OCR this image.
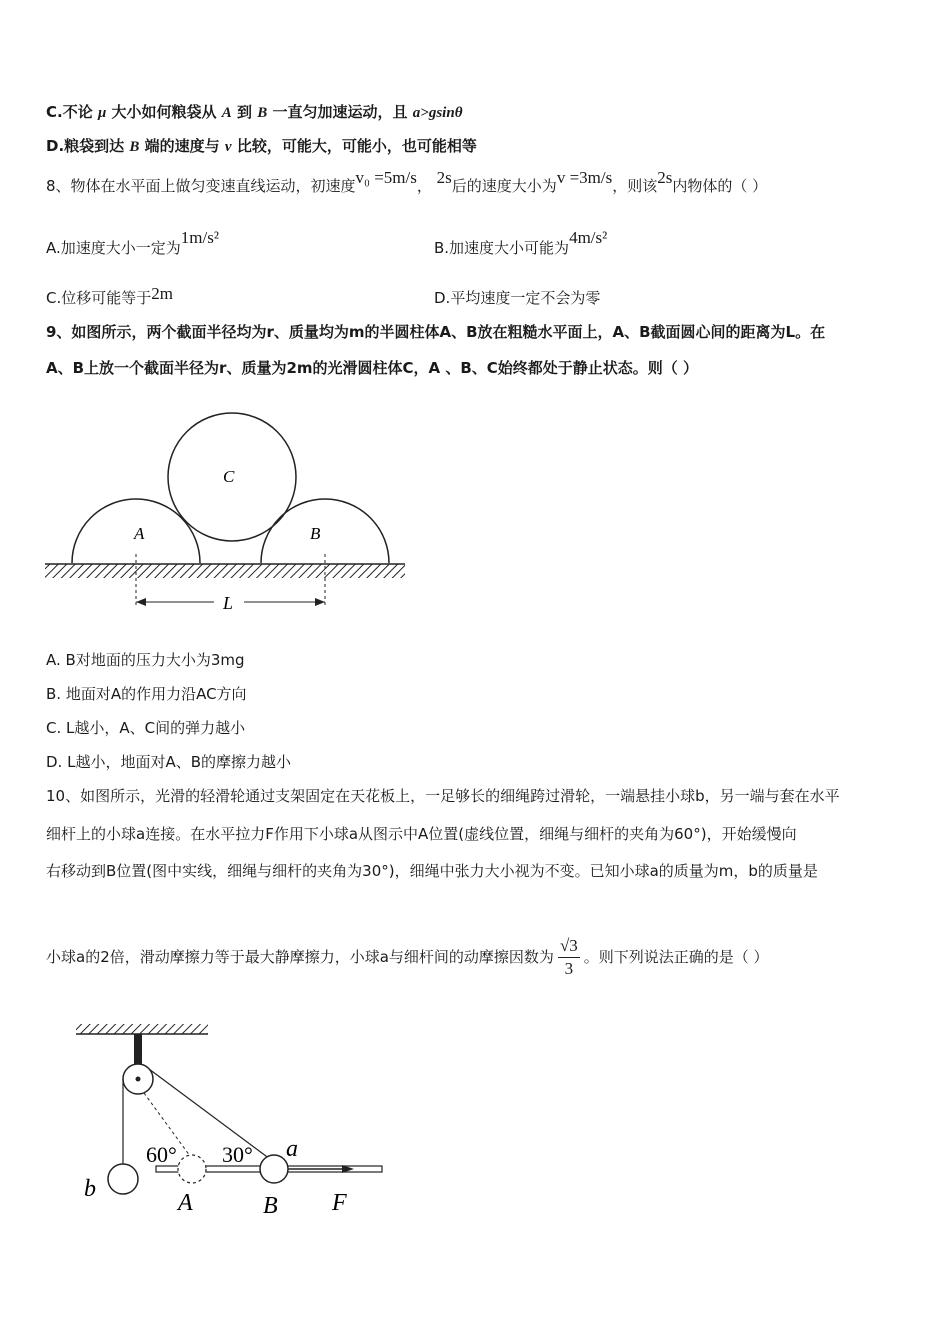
C.不论 μ 大小如何粮袋从 A 到 B 一直匀加速运动，且 a>gsinθ
D.粮袋到达 B 端的速度与 v 比较，可能大，可能小，也可能相等
8、物体在水平面上做匀变速直线运动，初速度v₀ =5m/s， 2s后的速度大小为v =3m/s，则该2s内物体的（ ）
A.加速度大小一定为1m/s²
B.加速度大小可能为4m/s²
C.位移可能等于2m	D.平均速度一定不会为零
9、如图所示，两个截面半径均为r、质量均为m的半圆柱体A、B放在粗糙水平面上，A、B截面圆心间的距离为L。在
A、B上放一个截面半径为r、质量为2m的光滑圆柱体C，A 、B、C始终都处于静止状态。则（ ）
A	B
C
L
A. B对地面的压力大小为3mg
B. 地面对A的作用力沿AC方向
C. L越小，A、C间的弹力越小
D. L越小，地面对A、B的摩擦力越小
10、如图所示，光滑的轻滑轮通过支架固定在天花板上，一足够长的细绳跨过滑轮，一端悬挂小球b，另一端与套在水平
细杆上的小球a连接。在水平拉力F作用下小球a从图示中A位置(虚线位置，细绳与细杆的夹角为60°)，开始缓慢向
右移动到B位置(图中实线，细绳与细杆的夹角为30°)，细绳中张力大小视为不变。已知小球a的质量为m，b的质量是
小球a的2倍，滑动摩擦力等于最大静摩擦力，小球a与细杆间的动摩擦因数为 $\frac{√3}{3}$ 。则下列说法正确的是（ ）
60° 30° a
b
A	B F
